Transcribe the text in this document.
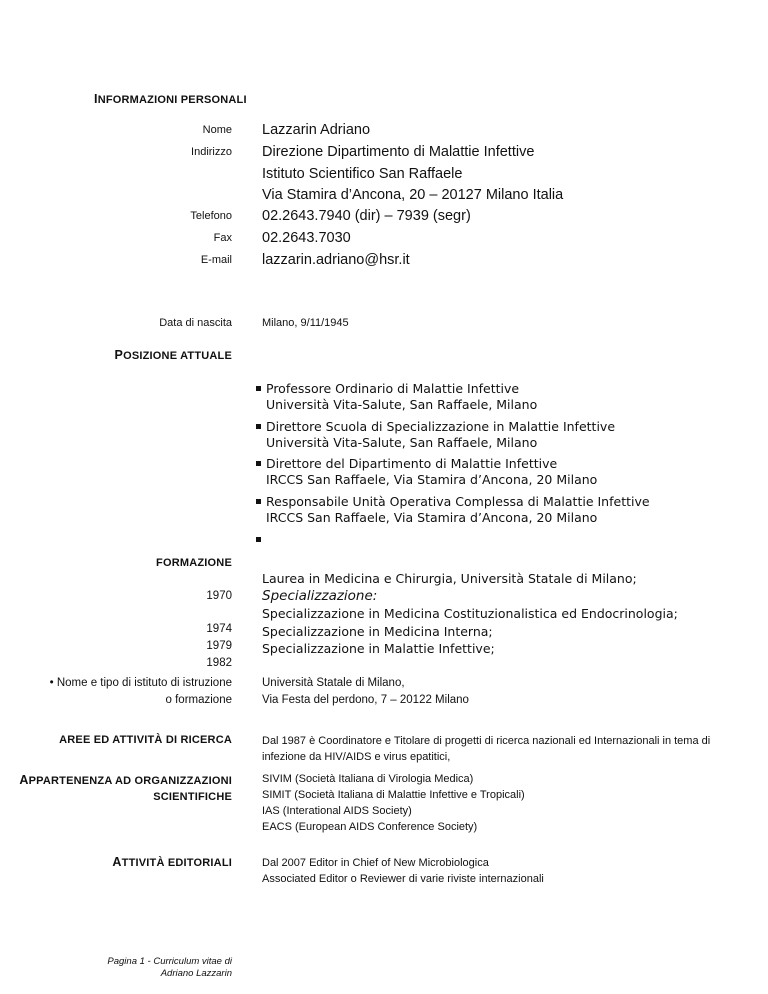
INFORMAZIONI PERSONALI
Nome
Indirizzo
Telefono
Fax
E-mail
Data di nascita
Lazzarin Adriano
Direzione Dipartimento di Malattie Infettive
Istituto Scientifico San Raffaele
Via Stamira d’Ancona, 20 – 20127 Milano Italia
02.2643.7940 (dir) – 7939 (segr)
02.2643.7030
lazzarin.adriano@hsr.it
Milano, 9/11/1945
POSIZIONE ATTUALE
Professore Ordinario di Malattie Infettive
Università Vita-Salute, San Raffaele, Milano
Direttore Scuola di Specializzazione in Malattie Infettive
Università Vita-Salute, San Raffaele, Milano
Direttore del Dipartimento di Malattie Infettive
IRCCS San Raffaele, Via Stamira d’Ancona, 20 Milano
Responsabile Unità Operativa Complessa di Malattie Infettive
IRCCS San Raffaele, Via Stamira d’Ancona, 20 Milano
FORMAZIONE
1970
1974
1979
1982
Laurea in Medicina e Chirurgia, Università Statale di Milano;
Specializzazione:
Specializzazione in Medicina Costituzionalistica ed Endocrinologia;
Specializzazione in Medicina Interna;
Specializzazione in Malattie Infettive;
• Nome e tipo di istituto di istruzione
o formazione
Università Statale di Milano,
Via Festa del perdono, 7 – 20122 Milano
AREE ED ATTIVITÀ DI RICERCA	Dal 1987 è Coordinatore e Titolare di progetti di ricerca nazionali ed Internazionali in tema di
infezione da HIV/AIDS e virus epatitici,
APPARTENENZA AD ORGANIZZAZIONI
SCIENTIFICHE
SIVIM (Società Italiana di Virologia Medica)
SIMIT (Società Italiana di Malattie Infettive e Tropicali)
IAS (Interational AIDS Society)
EACS (European AIDS Conference Society)
ATTIVITÀ EDITORIALI	Dal 2007 Editor in Chief of New Microbiologica
Associated Editor o Reviewer di varie riviste internazionali
Pagina 1 - Curriculum vitae di
Adriano Lazzarin
